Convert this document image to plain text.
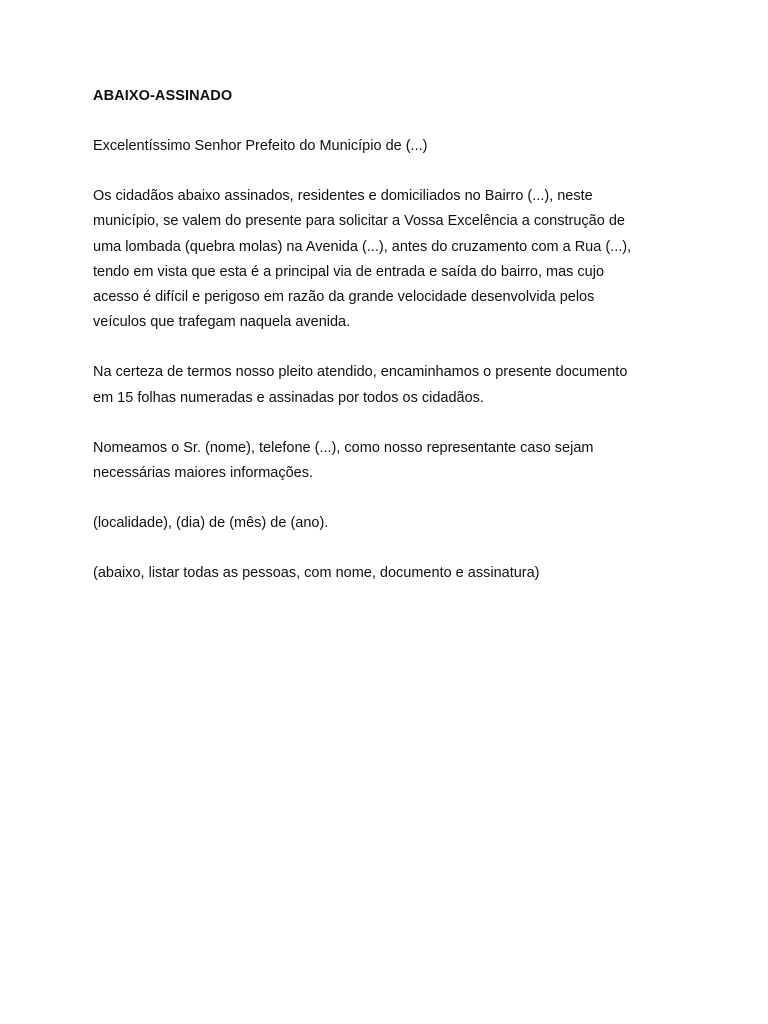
ABAIXO-ASSINADO
Excelentíssimo Senhor Prefeito do Município de (...)
Os cidadãos abaixo assinados, residentes e domiciliados no Bairro (...), neste
município, se valem do presente para solicitar a Vossa Excelência a construção de
uma lombada (quebra molas) na Avenida (...), antes do cruzamento com a Rua (...),
tendo em vista que esta é a principal via de entrada e saída do bairro, mas cujo
acesso é difícil e perigoso em razão da grande velocidade desenvolvida pelos
veículos que trafegam naquela avenida.
Na certeza de termos nosso pleito atendido, encaminhamos o presente documento
em 15 folhas numeradas e assinadas por todos os cidadãos.
Nomeamos o Sr. (nome), telefone (...), como nosso representante caso sejam
necessárias maiores informações.
(localidade), (dia) de (mês) de (ano).
(abaixo, listar todas as pessoas, com nome, documento e assinatura)
